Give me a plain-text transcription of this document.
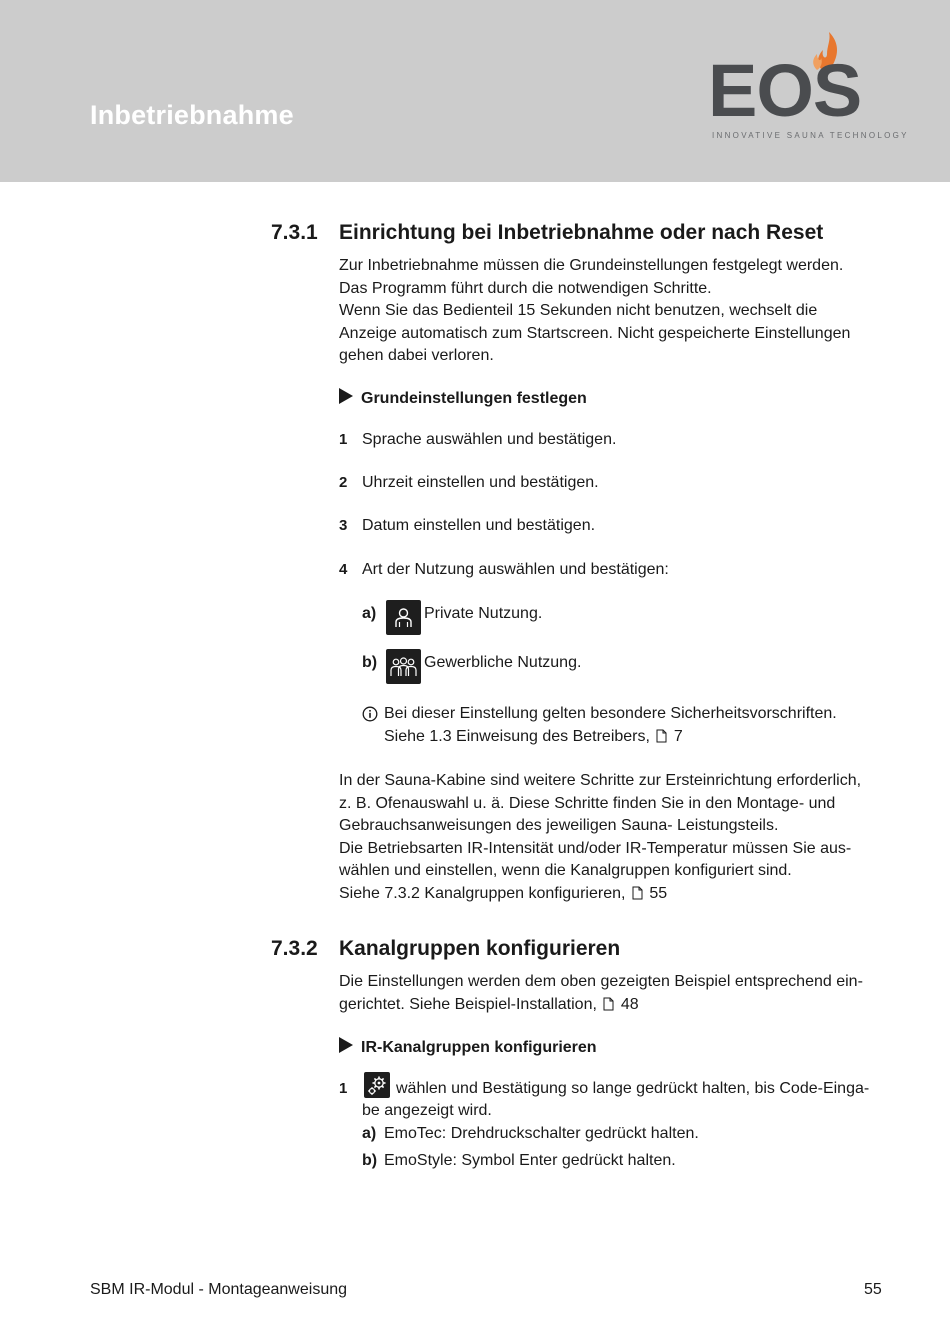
Inbetriebnahme	EOS
INNOVATIVE SAUNA TECHNOLOGY
7.3.1 Einrichtung bei Inbetriebnahme oder nach Reset
Zur Inbetriebnahme müssen die Grundeinstellungen festgelegt werden.
Das Programm führt durch die notwendigen Schritte.
Wenn Sie das Bedienteil 15 Sekunden nicht benutzen, wechselt die
Anzeige automatisch zum Startscreen. Nicht gespeicherte Einstellungen
gehen dabei verloren.
Grundeinstellungen festlegen
1 Sprache auswählen und bestätigen.
2 Uhrzeit einstellen und bestätigen.
3 Datum einstellen und bestätigen.
4 Art der Nutzung auswählen und bestätigen:
a)	Private Nutzung.
b)	Gewerbliche Nutzung.
Bei dieser Einstellung gelten besondere Sicherheitsvorschriften.
Siehe 1.3 Einweisung des Betreibers, 7
In der Sauna-Kabine sind weitere Schritte zur Ersteinrichtung erforderlich,
z. B. Ofenauswahl u. ä. Diese Schritte finden Sie in den Montage- und
Gebrauchsanweisungen des jeweiligen Sauna- Leistungsteils.
Die Betriebsarten IR-Intensität und/oder IR-Temperatur müssen Sie aus-
wählen und einstellen, wenn die Kanalgruppen konfiguriert sind.
Siehe 7.3.2 Kanalgruppen konfigurieren, 55
7.3.2 Kanalgruppen konfigurieren
Die Einstellungen werden dem oben gezeigten Beispiel entsprechend ein-
gerichtet. Siehe Beispiel-Installation, 48
IR-Kanalgruppen konfigurieren
1	wählen und Bestätigung so lange gedrückt halten, bis Code-Einga-
be angezeigt wird.
a) EmoTec: Drehdruckschalter gedrückt halten.
b) EmoStyle: Symbol Enter gedrückt halten.
SBM IR-Modul - Montageanweisung	55
